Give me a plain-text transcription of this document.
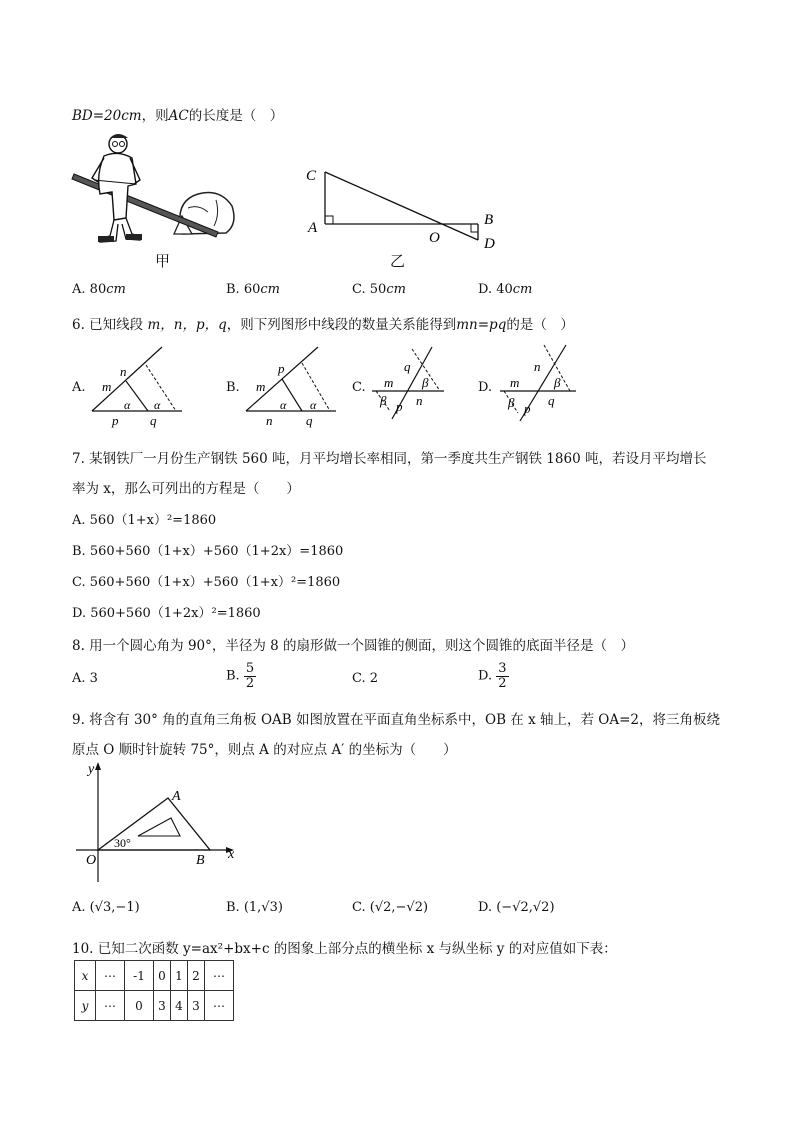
BD=20cm，则AC的长度是（　）
甲
C
A
O
B
D
乙
A. 80cm	B. 60cm	C. 50cm	D. 40cm
6. 已知线段 m，n，p，q，则下列图形中线段的数量关系能得到mn=pq的是（　）
A. m
n
p q
α α
B. m
p
n	q
α α
C. m
q
n
p
β
β
D. m
n
q
p
β
β
7. 某钢铁厂一月份生产钢铁 560 吨，月平均增长率相同，第一季度共生产钢铁 1860 吨，若设月平均增长
率为 x，那么可列出的方程是（　　）
A. 560（1+x）²=1860
B. 560+560（1+x）+560（1+2x）=1860
C. 560+560（1+x）+560（1+x）²=1860
D. 560+560（1+2x）²=1860
8. 用一个圆心角为 90°，半径为 8 的扇形做一个圆锥的侧面，则这个圆锥的底面半径是（　）
A. 3	B. $\frac{5}{2}$	C. 2	D. $\frac{3}{2}$
9. 将含有 30° 角的直角三角板 OAB 如图放置在平面直角坐标系中，OB 在 x 轴上，若 OA=2，将三角板绕
原点 O 顺时针旋转 75°，则点 A 的对应点 A′ 的坐标为（　　）
y
x
O
A
B
30°
A. (√3,−1)	B. (1,√3)	C. (√2,−√2)	D. (−√2,√2)
10. 已知二次函数 y=ax²+bx+c 的图象上部分点的横坐标 x 与纵坐标 y 的对应值如下表：
x	⋯	-1	0	1	2	⋯
y	⋯	0	3	4	3	⋯
